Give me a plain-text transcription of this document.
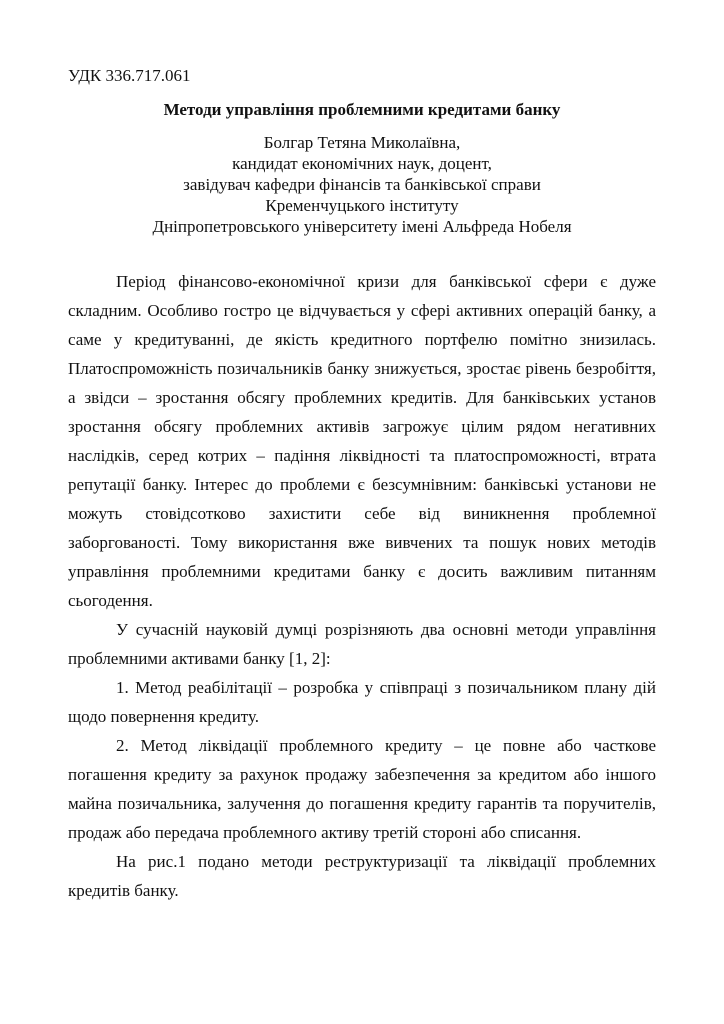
УДК 336.717.061
Методи управління проблемними кредитами банку
Болгар Тетяна Миколаївна,
кандидат економічних наук, доцент,
завідувач кафедри фінансів та банківської справи
Кременчуцького інституту
Дніпропетровського університету імені Альфреда Нобеля

Період фінансово-економічної кризи для банківської сфери є дуже складним. Особливо гостро це відчувається у сфері активних операцій банку, а саме у кредитуванні, де якість кредитного портфелю помітно знизилась. Платоспроможність позичальників банку знижується, зростає рівень безробіття, а звідси – зростання обсягу проблемних кредитів. Для банківських установ зростання обсягу проблемних активів загрожує цілим рядом негативних наслідків, серед котрих – падіння ліквідності та платоспроможності, втрата репутації банку. Інтерес до проблеми є безсумнівним: банківські установи не можуть стовідсотково захистити себе від виникнення проблемної заборгованості. Тому використання вже вивчених та пошук нових методів управління проблемними кредитами банку є досить важливим питанням сьогодення.

У сучасній науковій думці розрізняють два основні методи управління проблемними активами банку [1, 2]:

1. Метод реабілітації – розробка у співпраці з позичальником плану дій щодо повернення кредиту.

2. Метод ліквідації проблемного кредиту – це повне або часткове погашення кредиту за рахунок продажу забезпечення за кредитом або іншого майна позичальника, залучення до погашення кредиту гарантів та поручителів, продаж або передача проблемного активу третій стороні або списання.

На рис.1 подано методи реструктуризації та ліквідації проблемних кредитів банку.
